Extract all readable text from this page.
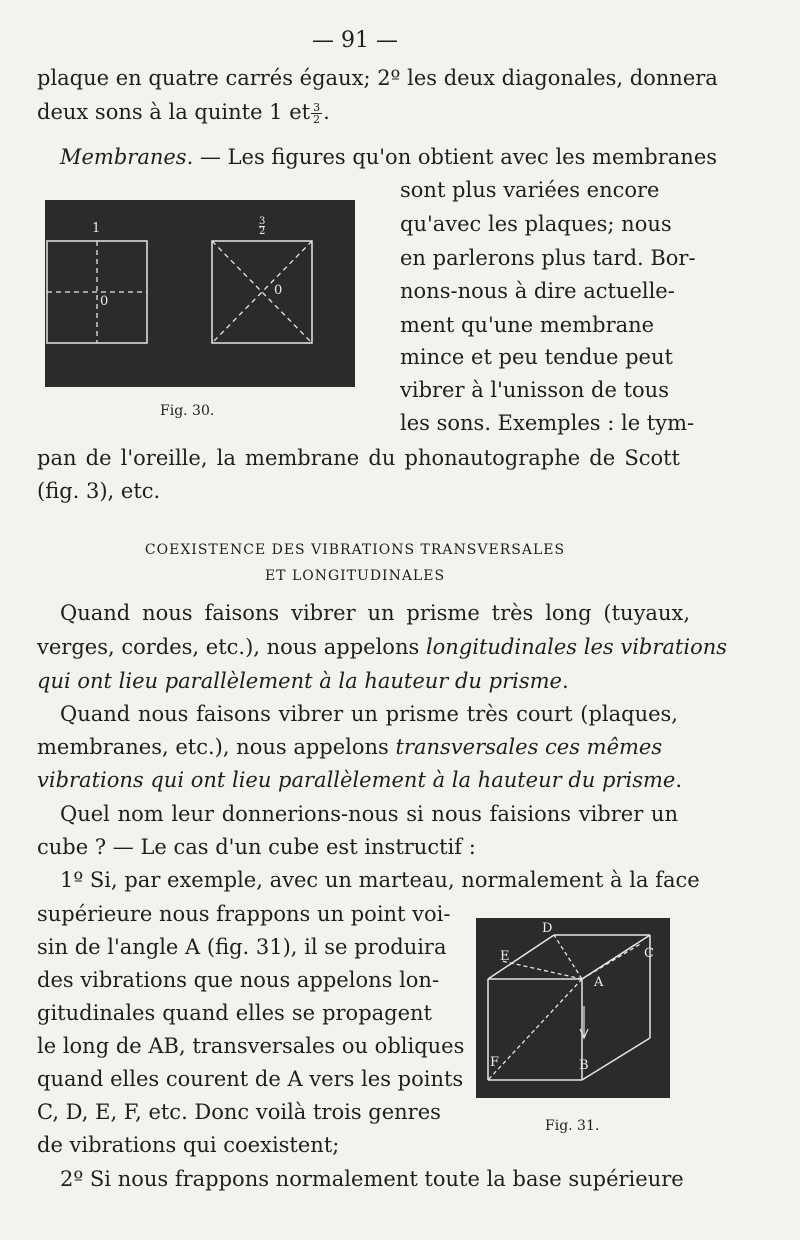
— 91 —
plaque en quatre carrés égaux; 2º les deux diagonales, donnera
deux sons à la quinte 1 et $\frac{3}{2}$ .
Membranes. — Les figures qu'on obtient avec les membranes
1
0
3
2
0
Fig. 30.
sont plus variées encore
qu'avec les plaques; nous
en parlerons plus tard. Bor-
nons-nous à dire actuelle-
ment qu'une membrane
mince et peu tendue peut
vibrer à l'unisson de tous
les sons. Exemples : le tym-
pan de l'oreille, la membrane du phonautographe de Scott
(fig. 3), etc.
COEXISTENCE DES VIBRATIONS TRANSVERSALES
ET LONGITUDINALES
Quand nous faisons vibrer un prisme très long (tuyaux,
verges, cordes, etc.), nous appelons longitudinales les vibrations
qui ont lieu parallèlement à la hauteur du prisme.
Quand nous faisons vibrer un prisme très court (plaques,
membranes, etc.), nous appelons transversales ces mêmes
vibrations qui ont lieu parallèlement à la hauteur du prisme.
Quel nom leur donnerions-nous si nous faisions vibrer un
cube ? — Le cas d'un cube est instructif :
1º Si, par exemple, avec un marteau, normalement à la face
supérieure nous frappons un point voi-
sin de l'angle A (fig. 31), il se produira
des vibrations que nous appelons lon-
gitudinales quand elles se propagent
le long de AB, transversales ou obliques
quand elles courent de A vers les points
C, D, E, F, etc. Donc voilà trois genres
de vibrations qui coexistent;
D
E	C
A
F	B
Fig. 31.
2º Si nous frappons normalement toute la base supérieure
